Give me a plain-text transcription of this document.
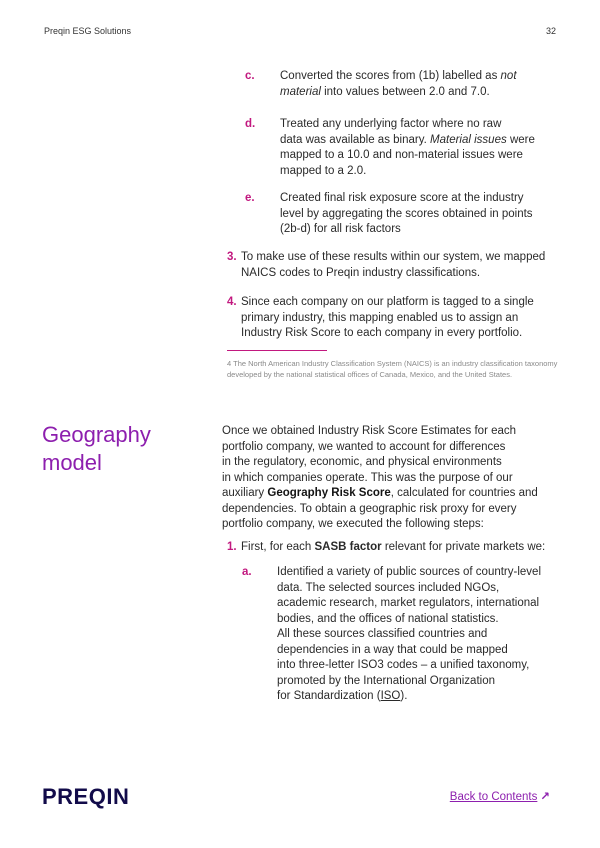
Preqin ESG Solutions	32
c. Converted the scores from (1b) labelled as not
material into values between 2.0 and 7.0.
d. Treated any underlying factor where no raw
data was available as binary. Material issues were
mapped to a 10.0 and non-material issues were
mapped to a 2.0.
e. Created final risk exposure score at the industry
level by aggregating the scores obtained in points
(2b-d) for all risk factors
3. To make use of these results within our system, we mapped
NAICS codes to Preqin industry classifications.
4. Since each company on our platform is tagged to a single
primary industry, this mapping enabled us to assign an
Industry Risk Score to each company in every portfolio.
4 The North American Industry Classification System (NAICS) is an industry classification taxonomy
developed by the national statistical offices of Canada, Mexico, and the United States.
Geography
model
Once we obtained Industry Risk Score Estimates for each
portfolio company, we wanted to account for differences
in the regulatory, economic, and physical environments
in which companies operate. This was the purpose of our
auxiliary Geography Risk Score, calculated for countries and
dependencies. To obtain a geographic risk proxy for every
portfolio company, we executed the following steps:
1. First, for each SASB factor relevant for private markets we:
a. Identified a variety of public sources of country-level
data. The selected sources included NGOs,
academic research, market regulators, international
bodies, and the offices of national statistics.
All these sources classified countries and
dependencies in a way that could be mapped
into three-letter ISO3 codes – a unified taxonomy,
promoted by the International Organization
for Standardization (ISO).
PREQIN	Back to Contents ↗
